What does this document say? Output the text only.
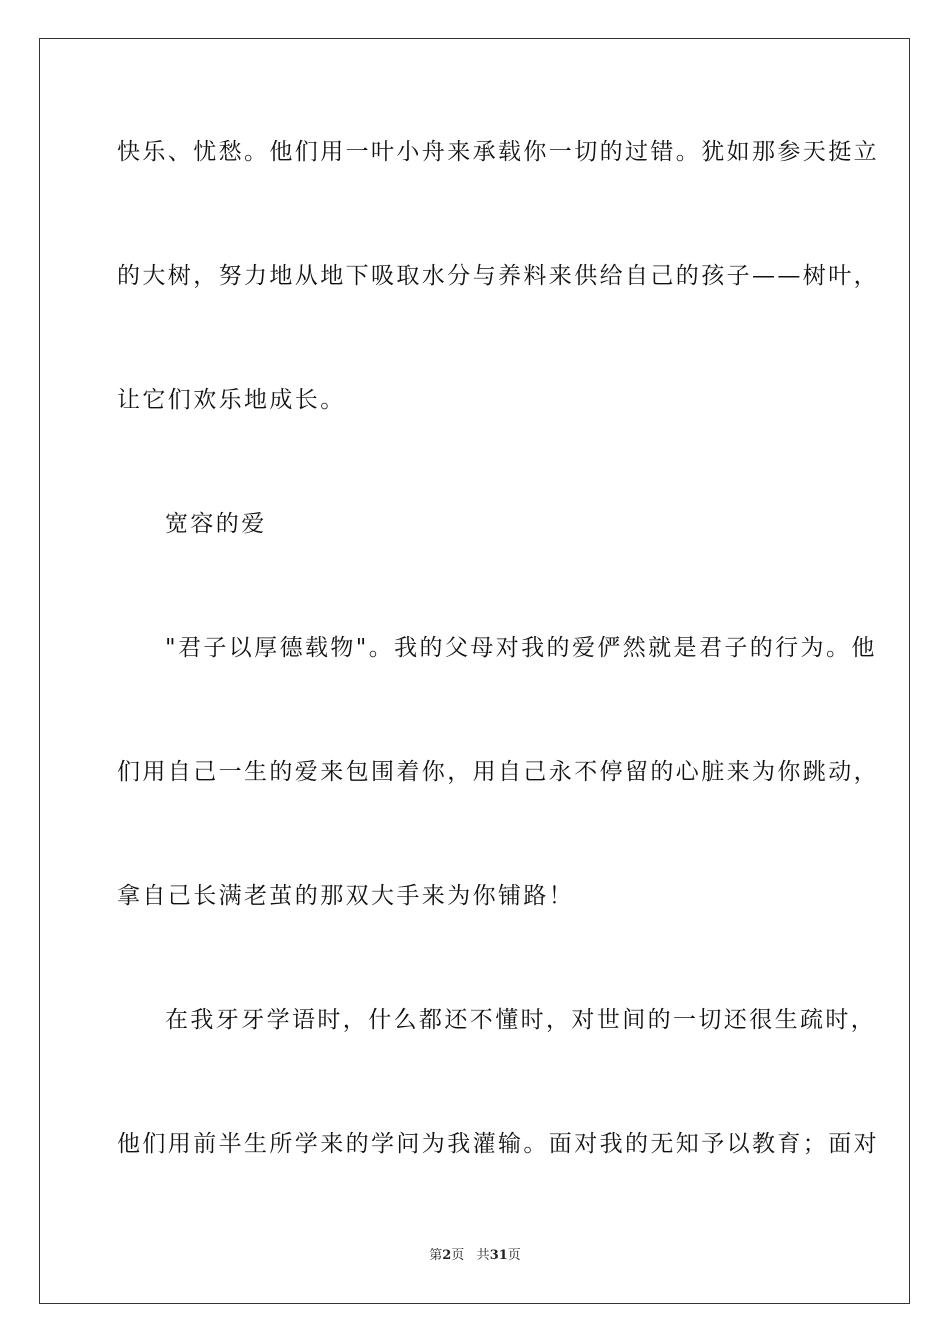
快乐、忧愁。他们用一叶小舟来承载你一切的过错。犹如那参天挺立
的大树，努力地从地下吸取水分与养料来供给自己的孩子——树叶，
让它们欢乐地成长。
宽容的爱
"君子以厚德载物"。我的父母对我的爱俨然就是君子的行为。他
们用自己一生的爱来包围着你，用自己永不停留的心脏来为你跳动，
拿自己长满老茧的那双大手来为你铺路！
在我牙牙学语时，什么都还不懂时，对世间的一切还很生疏时，
他们用前半生所学来的学问为我灌输。面对我的无知予以教育；面对
第2页 共31页
